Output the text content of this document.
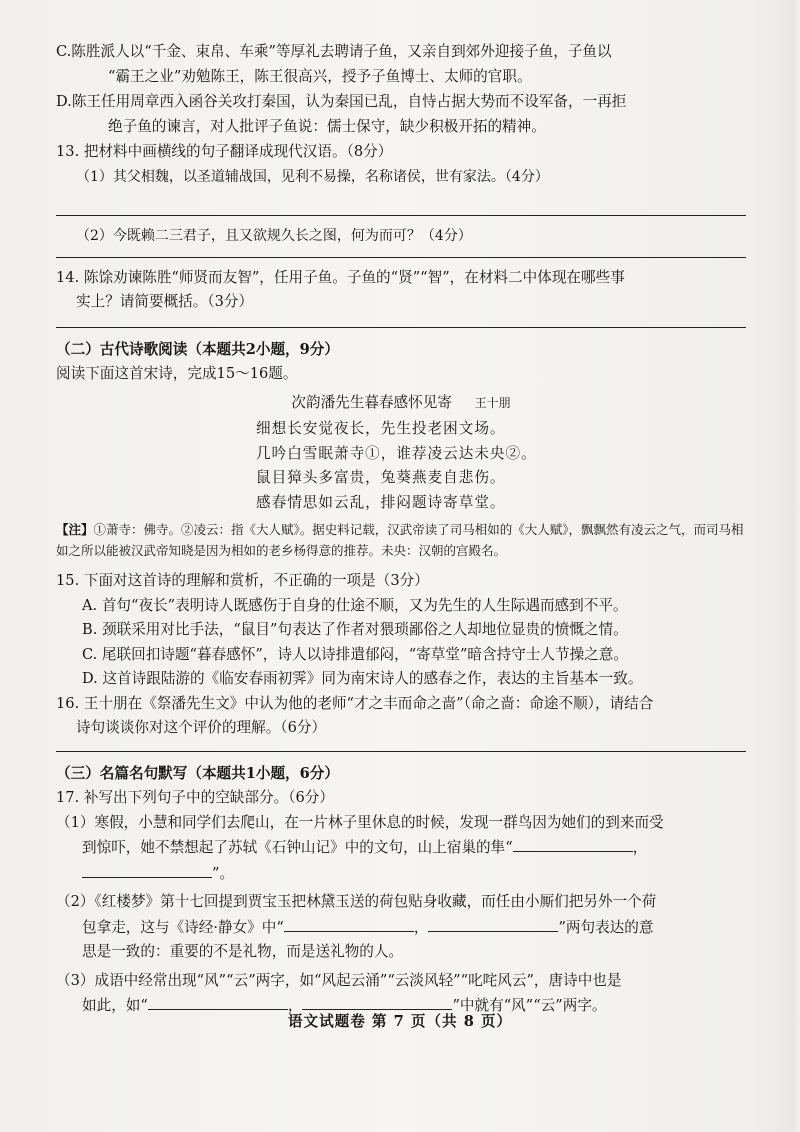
C.陈胜派人以“千金、束帛、车乘”等厚礼去聘请子鱼，又亲自到郊外迎接子鱼，子鱼以
“霸王之业”劝勉陈王，陈王很高兴，授予子鱼博士、太师的官职。
D.陈王任用周章西入函谷关攻打秦国，认为秦国已乱，自恃占据大势而不设军备，一再拒
绝子鱼的谏言，对人批评子鱼说：儒士保守，缺少积极开拓的精神。
13. 把材料中画横线的句子翻译成现代汉语。（8分）
（1）其父相魏，以圣道辅战国，见利不易操，名称诸侯，世有家法。（4分）
（2）今既赖二三君子，且又欲规久长之图，何为而可？（4分）
14. 陈馀劝谏陈胜“师贤而友智”，任用子鱼。子鱼的“贤”“智”，在材料二中体现在哪些事
实上？请简要概括。（3分）
（二）古代诗歌阅读（本题共2小题，9分）
阅读下面这首宋诗，完成15～16题。
次韵潘先生暮春感怀见寄 王十朋
细想长安觉夜长，先生投老困文场。
几吟白雪眠萧寺①，谁荐凌云达未央②。
鼠目獐头多富贵，兔葵燕麦自悲伤。
感春情思如云乱，排闷题诗寄草堂。
【注】①萧寺：佛寺。②凌云：指《大人赋》。据史料记载，汉武帝读了司马相如的《大人赋》，飘飘然有凌云之气，而司马相如之所以能被汉武帝知晓是因为相如的老乡杨得意的推荐。未央：汉朝的宫殿名。
15. 下面对这首诗的理解和赏析，不正确的一项是（3分）
A. 首句“夜长”表明诗人既感伤于自身的仕途不顺，又为先生的人生际遇而感到不平。
B. 颈联采用对比手法，“鼠目”句表达了作者对猥琐鄙俗之人却地位显贵的愤慨之情。
C. 尾联回扣诗题“暮春感怀”，诗人以诗排遣郁闷，“寄草堂”暗含持守士人节操之意。
D. 这首诗跟陆游的《临安春雨初霁》同为南宋诗人的感春之作，表达的主旨基本一致。
16. 王十朋在《祭潘先生文》中认为他的老师“才之丰而命之啬”（命之啬：命途不顺），请结合
诗句谈谈你对这个评价的理解。（6分）
（三）名篇名句默写（本题共1小题，6分）
17. 补写出下列句子中的空缺部分。（6分）
（1）寒假，小慧和同学们去爬山，在一片林子里休息的时候，发现一群鸟因为她们的到来而受
到惊吓，她不禁想起了苏轼《石钟山记》中的文句，山上宿巢的隼“	，
”。
（2）《红楼梦》第十七回提到贾宝玉把林黛玉送的荷包贴身收藏，而任由小厮们把另外一个荷
包拿走，这与《诗经·静女》中“	，	”两句表达的意
思是一致的：重要的不是礼物，而是送礼物的人。
（3）成语中经常出现“风”“云”两字，如“风起云涌”“云淡风轻”“叱咤风云”，唐诗中也是
如此，如“	，	”中就有“风”“云”两字。
语文试题卷 第 7 页（共 8 页）
